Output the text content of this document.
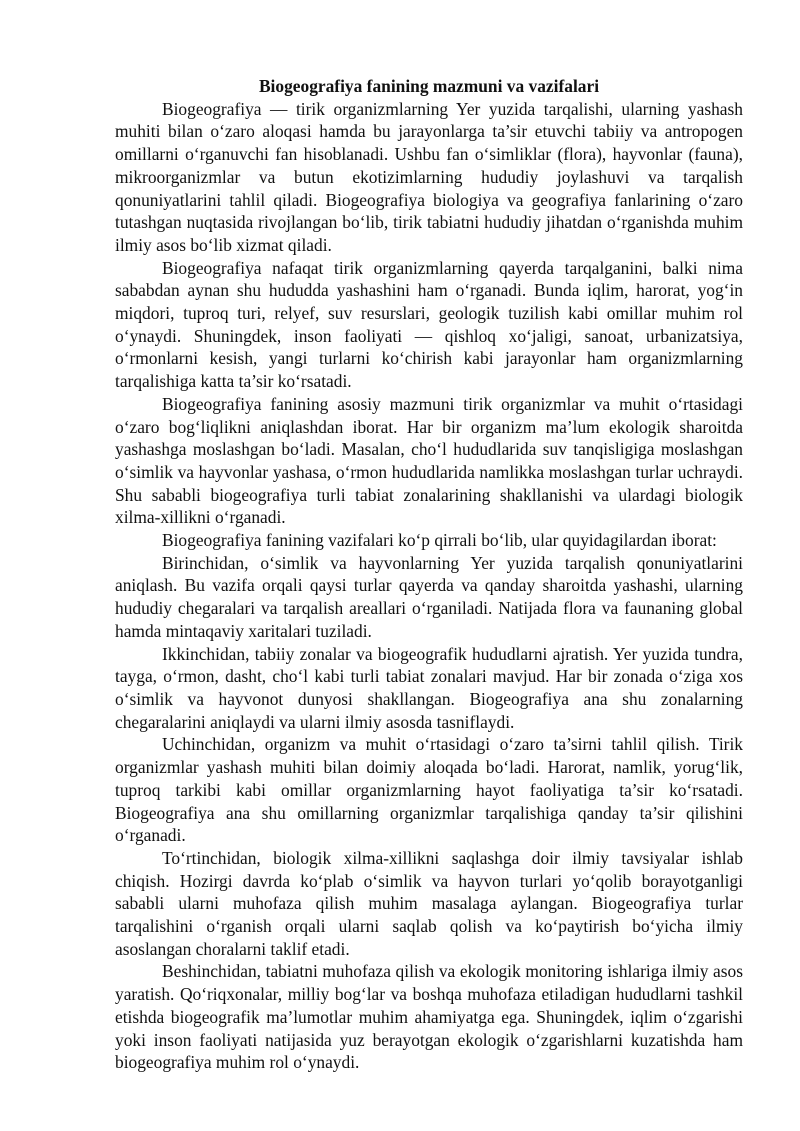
Biogeografiya fanining mazmuni va vazifalari

Biogeografiya — tirik organizmlarning Yer yuzida tarqalishi, ularning yashash muhiti bilan o‘zaro aloqasi hamda bu jarayonlarga ta’sir etuvchi tabiiy va antropogen omillarni o‘rganuvchi fan hisoblanadi. Ushbu fan o‘simliklar (flora), hayvonlar (fauna), mikroorganizmlar va butun ekotizimlarning hududiy joylashuvi va tarqalish qonuniyatlarini tahlil qiladi. Biogeografiya biologiya va geografiya fanlarining o‘zaro tutashgan nuqtasida rivojlangan bo‘lib, tirik tabiatni hududiy jihatdan o‘rganishda muhim ilmiy asos bo‘lib xizmat qiladi.

Biogeografiya nafaqat tirik organizmlarning qayerda tarqalganini, balki nima sababdan aynan shu hududda yashashini ham o‘rganadi. Bunda iqlim, harorat, yog‘in miqdori, tuproq turi, relyef, suv resurslari, geologik tuzilish kabi omillar muhim rol o‘ynaydi. Shuningdek, inson faoliyati — qishloq xo‘jaligi, sanoat, urbanizatsiya, o‘rmonlarni kesish, yangi turlarni ko‘chirish kabi jarayonlar ham organizmlarning tarqalishiga katta ta’sir ko‘rsatadi.

Biogeografiya fanining asosiy mazmuni tirik organizmlar va muhit o‘rtasidagi o‘zaro bog‘liqlikni aniqlashdan iborat. Har bir organizm ma’lum ekologik sharoitda yashashga moslashgan bo‘ladi. Masalan, cho‘l hududlarida suv tanqisligiga moslashgan o‘simlik va hayvonlar yashasa, o‘rmon hududlarida namlikka moslashgan turlar uchraydi. Shu sababli biogeografiya turli tabiat zonalarining shakllanishi va ulardagi biologik xilma-xillikni o‘rganadi.

Biogeografiya fanining vazifalari ko‘p qirrali bo‘lib, ular quyidagilardan iborat:

Birinchidan, o‘simlik va hayvonlarning Yer yuzida tarqalish qonuniyatlarini aniqlash. Bu vazifa orqali qaysi turlar qayerda va qanday sharoitda yashashi, ularning hududiy chegaralari va tarqalish areallari o‘rganiladi. Natijada flora va faunaning global hamda mintaqaviy xaritalari tuziladi.

Ikkinchidan, tabiiy zonalar va biogeografik hududlarni ajratish. Yer yuzida tundra, tayga, o‘rmon, dasht, cho‘l kabi turli tabiat zonalari mavjud. Har bir zonada o‘ziga xos o‘simlik va hayvonot dunyosi shakllangan. Biogeografiya ana shu zonalarning chegaralarini aniqlaydi va ularni ilmiy asosda tasniflaydi.

Uchinchidan, organizm va muhit o‘rtasidagi o‘zaro ta’sirni tahlil qilish. Tirik organizmlar yashash muhiti bilan doimiy aloqada bo‘ladi. Harorat, namlik, yorug‘lik, tuproq tarkibi kabi omillar organizmlarning hayot faoliyatiga ta’sir ko‘rsatadi. Biogeografiya ana shu omillarning organizmlar tarqalishiga qanday ta’sir qilishini o‘rganadi.

To‘rtinchidan, biologik xilma-xillikni saqlashga doir ilmiy tavsiyalar ishlab chiqish. Hozirgi davrda ko‘plab o‘simlik va hayvon turlari yo‘qolib borayotganligi sababli ularni muhofaza qilish muhim masalaga aylangan. Biogeografiya turlar tarqalishini o‘rganish orqali ularni saqlab qolish va ko‘paytirish bo‘yicha ilmiy asoslangan choralarni taklif etadi.

Beshinchidan, tabiatni muhofaza qilish va ekologik monitoring ishlariga ilmiy asos yaratish. Qo‘riqxonalar, milliy bog‘lar va boshqa muhofaza etiladigan hududlarni tashkil etishda biogeografik ma’lumotlar muhim ahamiyatga ega. Shuningdek, iqlim o‘zgarishi yoki inson faoliyati natijasida yuz berayotgan ekologik o‘zgarishlarni kuzatishda ham biogeografiya muhim rol o‘ynaydi.
